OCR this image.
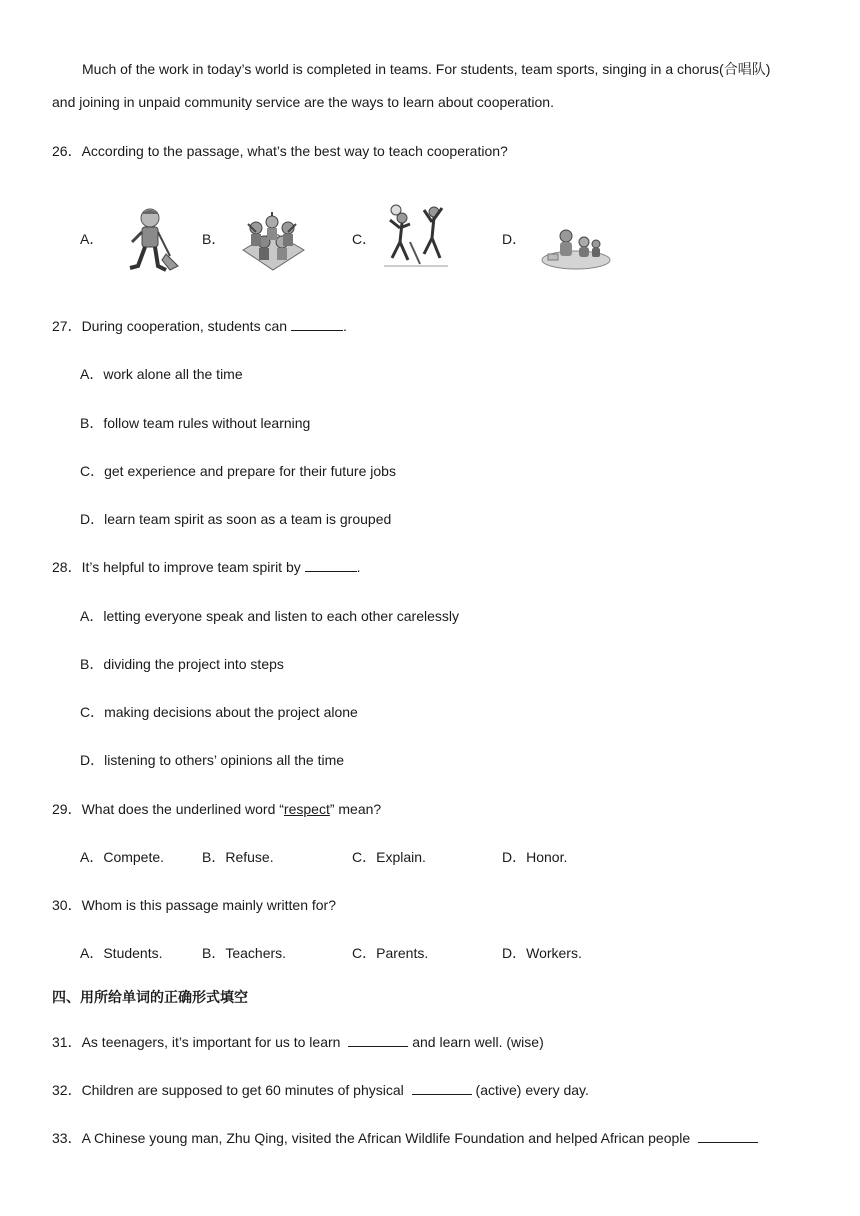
Much of the work in today’s world is completed in teams. For students, team sports, singing in a chorus(合唱队)
and joining in unpaid community service are the ways to learn about cooperation.
26．According to the passage, what’s the best way to teach cooperation?
A．	B．	C．	D．
27．During cooperation, students can	.
A．work alone all the time
B．follow team rules without learning
C．get experience and prepare for their future jobs
D．learn team spirit as soon as a team is grouped
28．It’s helpful to improve team spirit by	.
A．letting everyone speak and listen to each other carelessly
B．dividing the project into steps
C．making decisions about the project alone
D．listening to others’ opinions all the time
29．What does the underlined word “respect” mean?
A．Compete.	B．Refuse.	C．Explain.	D．Honor.
30．Whom is this passage mainly written for?
A．Students.	B．Teachers.	C．Parents.	D．Workers.
四、用所给单词的正确形式填空
31．As teenagers, it’s important for us to learn	and learn well. (wise)
32．Children are supposed to get 60 minutes of physical	(active) every day.
33．A Chinese young man, Zhu Qing, visited the African Wildlife Foundation and helped African people
